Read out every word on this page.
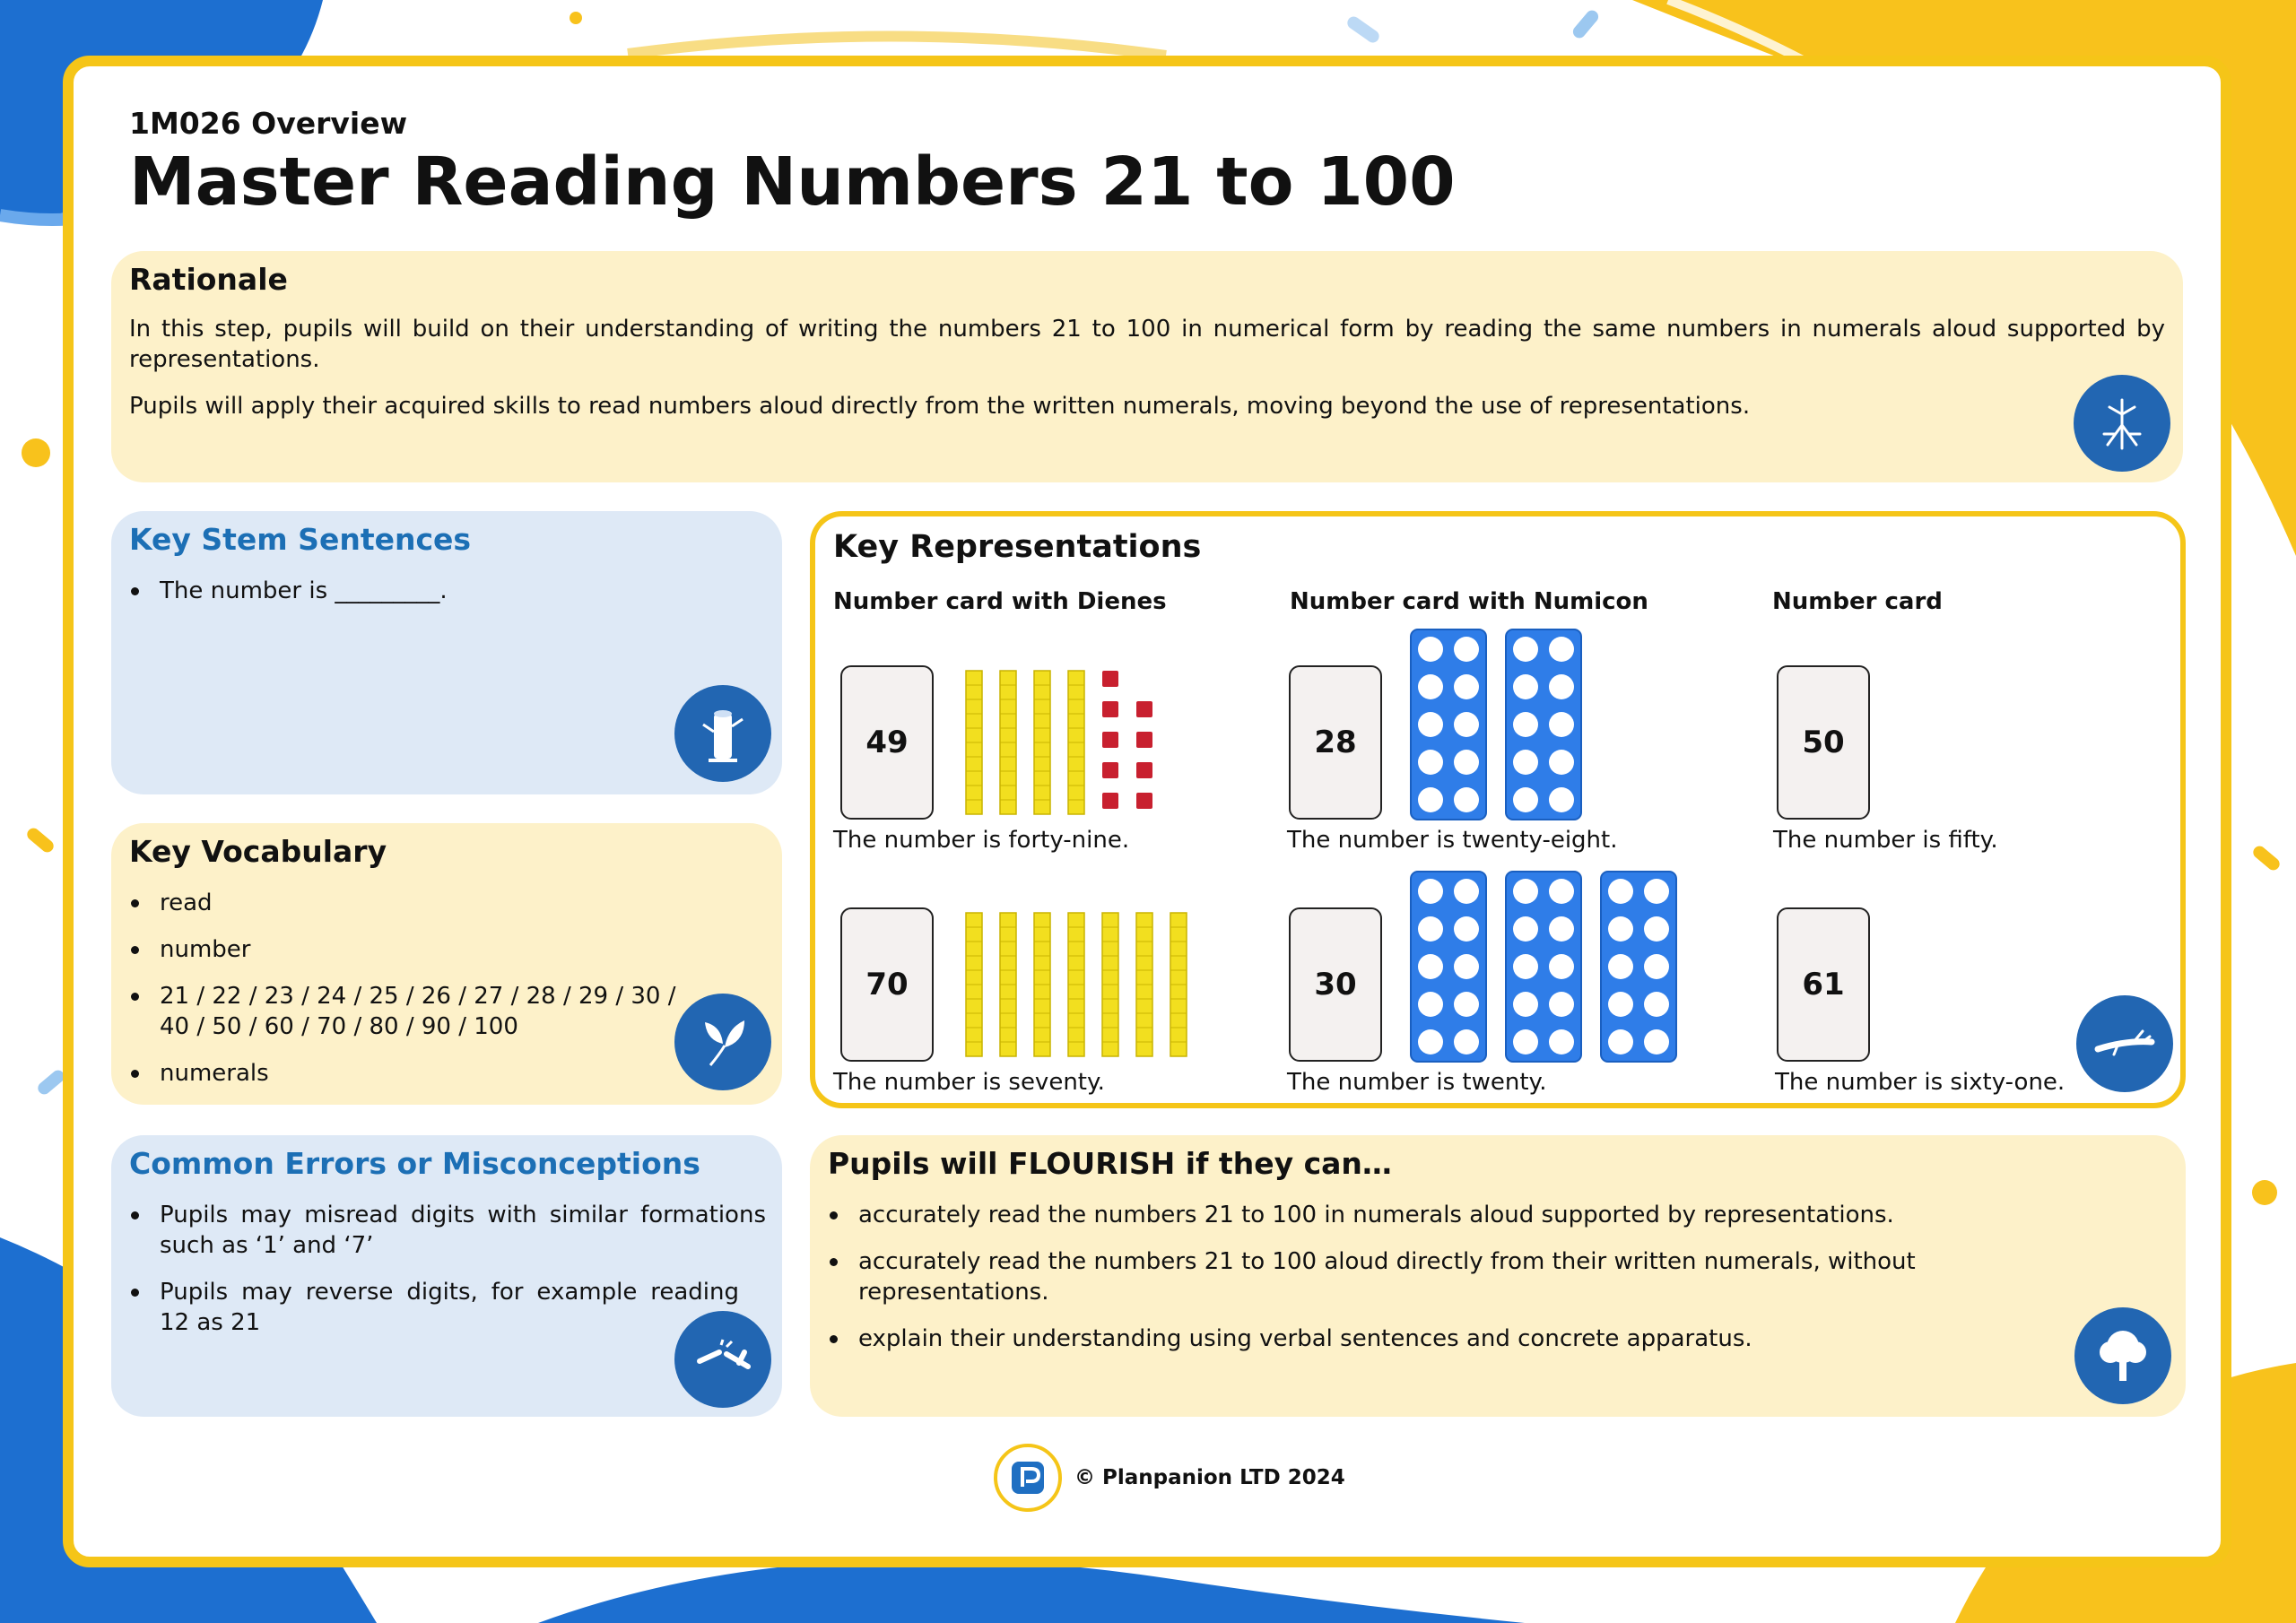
1M026 Overview
Master Reading Numbers 21 to 100
Rationale

In this step, pupils will build on their understanding of writing the numbers 21 to 100 in numerical form by reading the same numbers in numerals aloud supported by representations.

Pupils will apply their acquired skills to read numbers aloud directly from the written numerals, moving beyond the use of representations.

Key Stem Sentences
The number is _________.
Key Vocabulary
read
number
21 / 22 / 23 / 24 / 25 / 26 / 27 / 28 / 29 / 30 / 40 / 50 / 60 / 70 / 80 / 90 / 100
numerals
Common Errors or Misconceptions
Pupils may misread digits with similar formations such as ‘1’ and ‘7’
Pupils may reverse digits, for example reading 12 as 21
Key Representations
Number card with Dienes	Number card with Numicon	Number card
49
The number is forty-nine.
28
The number is twenty-eight.
50
The number is fifty.
70
The number is seventy.
30
The number is twenty.
61
The number is sixty-one.
Pupils will FLOURISH if they can…
accurately read the numbers 21 to 100 in numerals aloud supported by representations.
accurately read the numbers 21 to 100 aloud directly from their written numerals, without representations.
explain their understanding using verbal sentences and concrete apparatus.
© Planpanion LTD 2024
